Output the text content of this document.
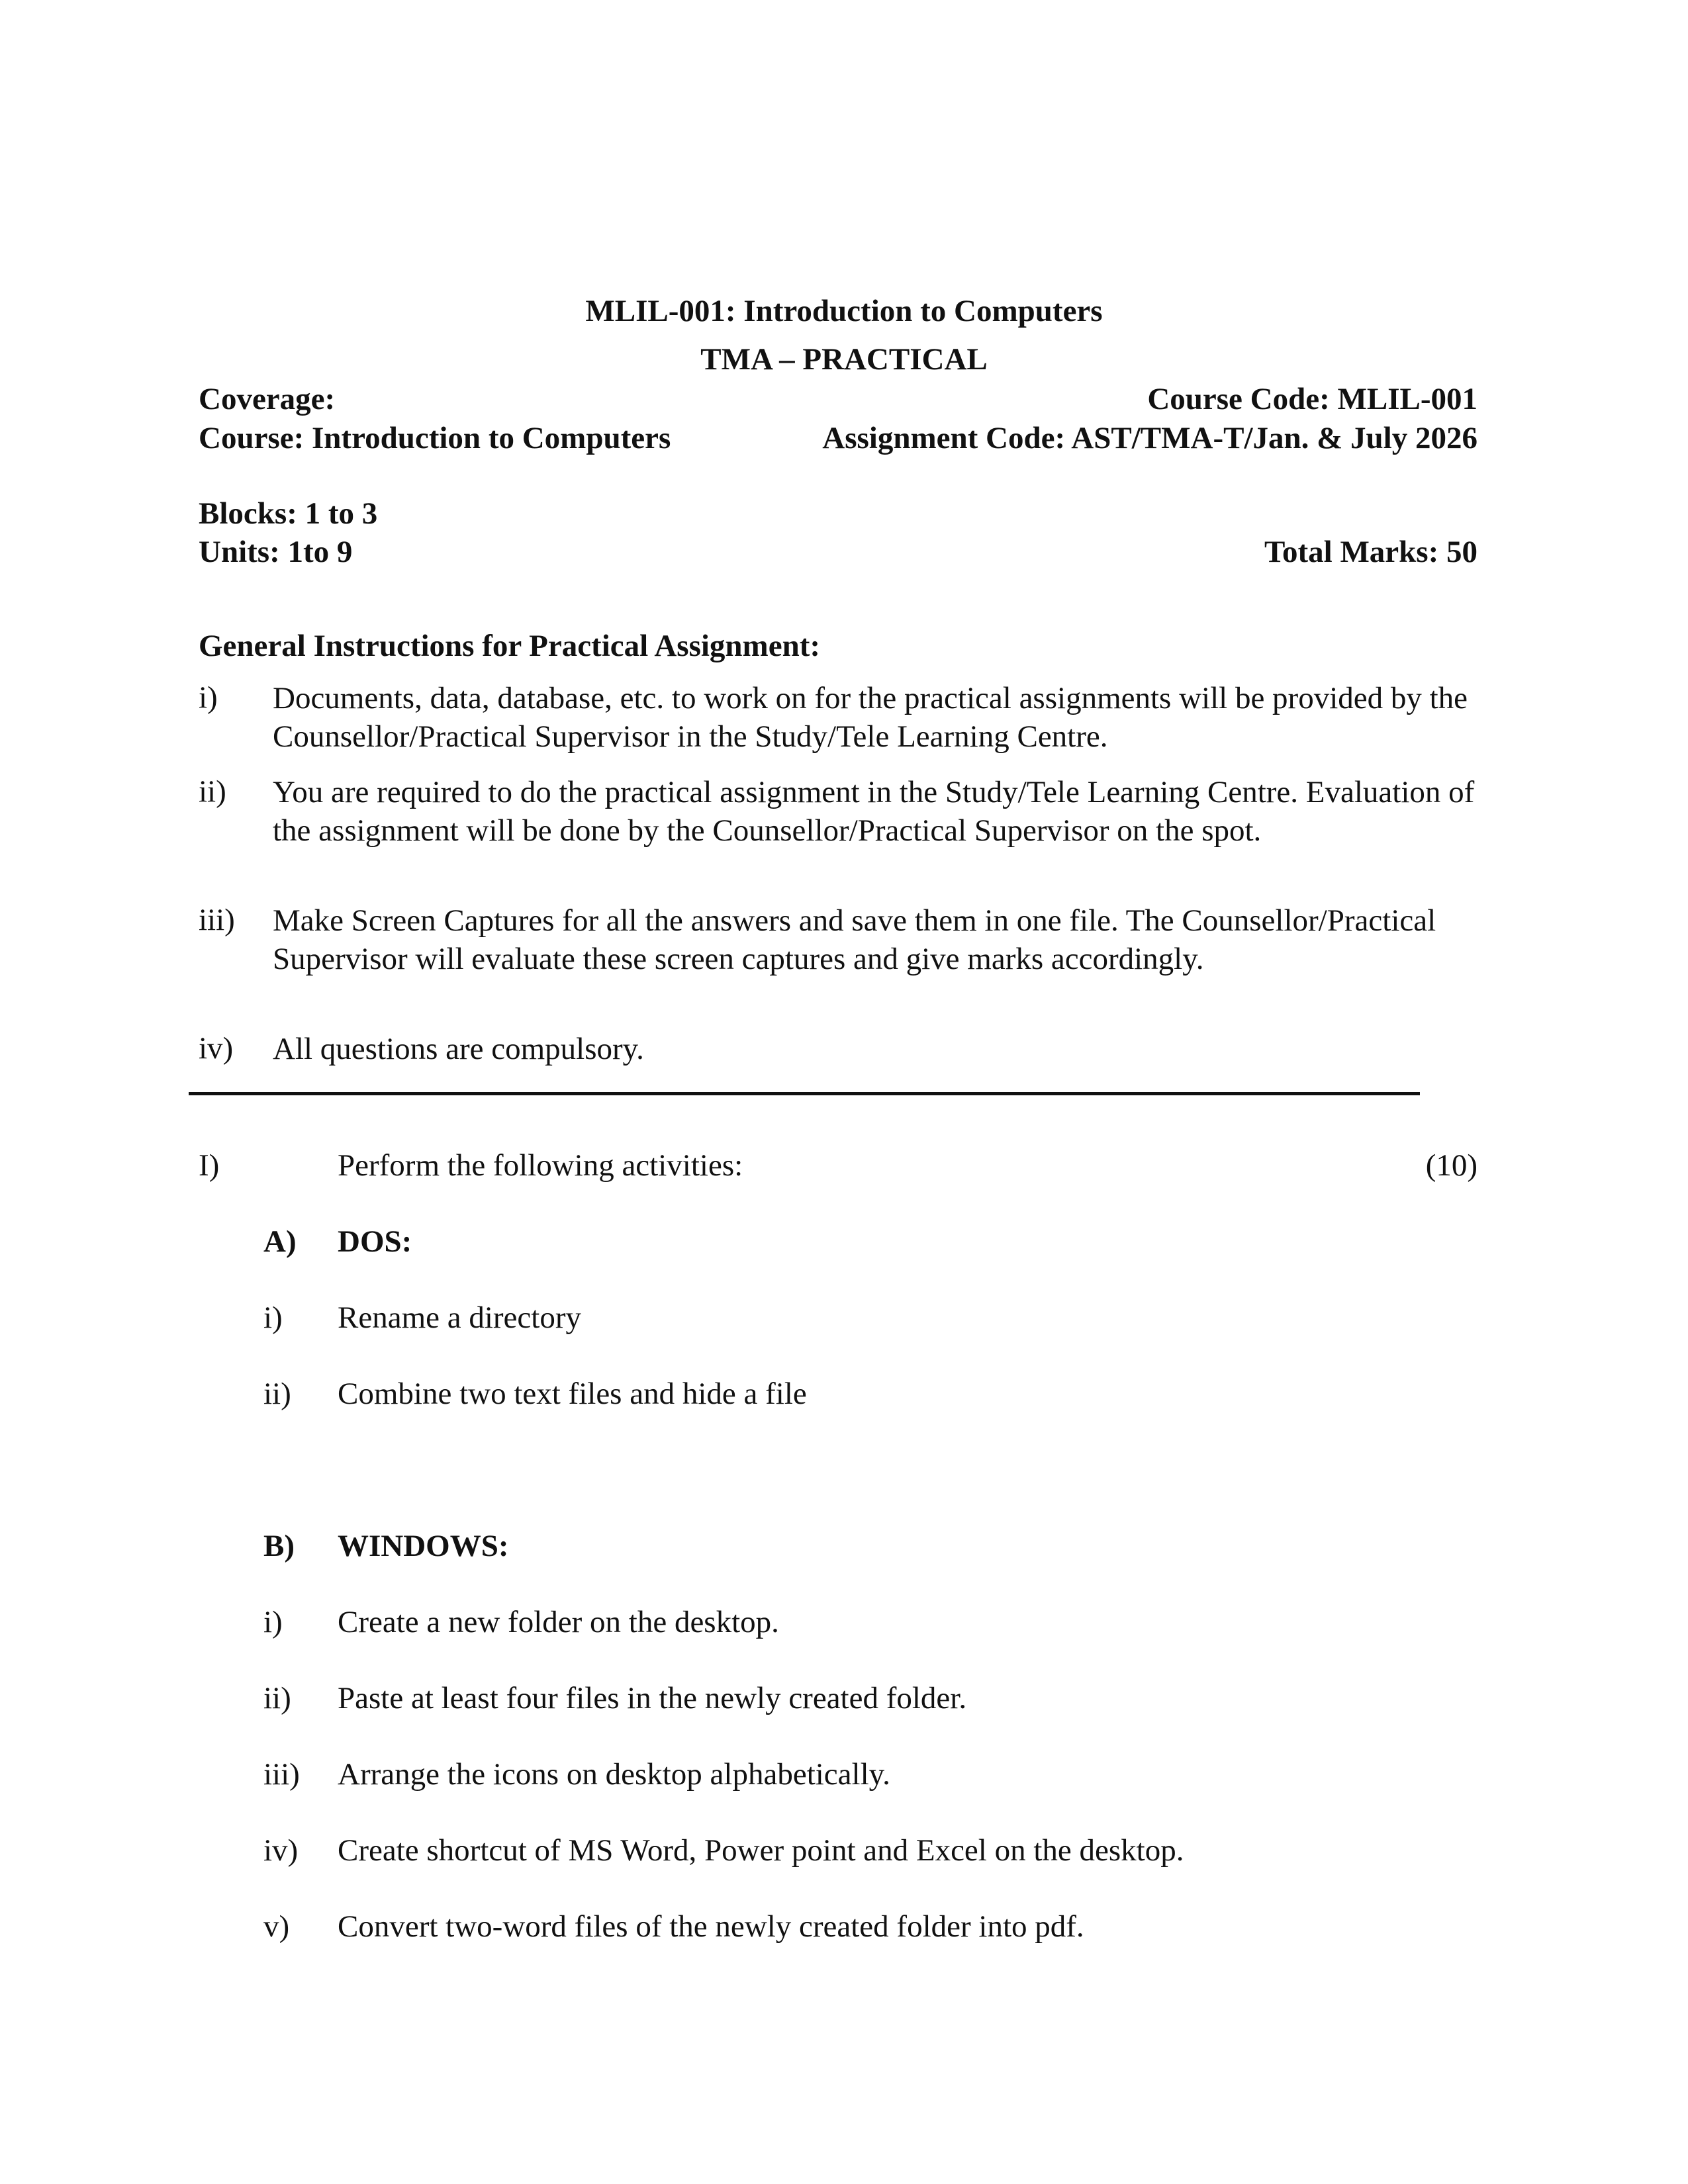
MLIL-001: Introduction to Computers
TMA – PRACTICAL
Coverage:	Course Code: MLIL-001
Course: Introduction to Computers	Assignment Code: AST/TMA-T/Jan. & July 2026
Blocks: 1 to 3
Units: 1to 9	Total Marks: 50
General Instructions for Practical Assignment:
i) Documents, data, database, etc. to work on for the practical assignments will be provided by the Counsellor/Practical Supervisor in the Study/Tele Learning Centre.
ii) You are required to do the practical assignment in the Study/Tele Learning Centre. Evaluation of the assignment will be done by the Counsellor/Practical Supervisor on the spot.
iii) Make Screen Captures for all the answers and save them in one file. The Counsellor/Practical Supervisor will evaluate these screen captures and give marks accordingly.
iv) All questions are compulsory.
I)	Perform the following activities:	(10)
A) DOS:
i) Rename a directory
ii) Combine two text files and hide a file
B) WINDOWS:
i) Create a new folder on the desktop.
ii) Paste at least four files in the newly created folder.
iii) Arrange the icons on desktop alphabetically.
iv) Create shortcut of MS Word, Power point and Excel on the desktop.
v) Convert two-word files of the newly created folder into pdf.
